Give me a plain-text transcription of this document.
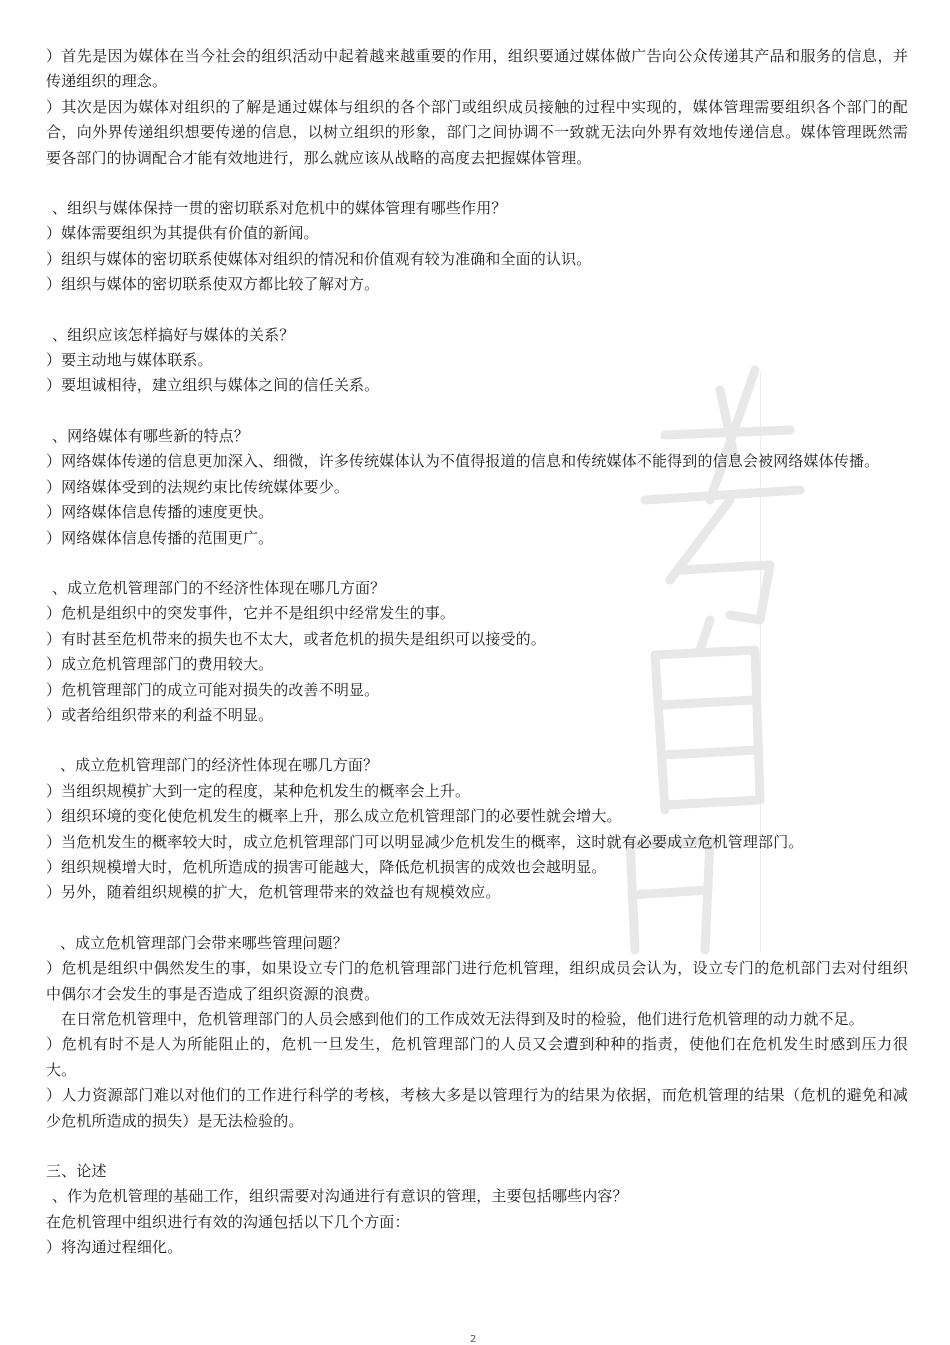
）首先是因为媒体在当今社会的组织活动中起着越来越重要的作用，组织要通过媒体做广告向公众传递其产品和服务的信息，并传递组织的理念。

）其次是因为媒体对组织的了解是通过媒体与组织的各个部门或组织成员接触的过程中实现的，媒体管理需要组织各个部门的配合，向外界传递组织想要传递的信息，以树立组织的形象，部门之间协调不一致就无法向外界有效地传递信息。媒体管理既然需要各部门的协调配合才能有效地进行，那么就应该从战略的高度去把握媒体管理。

、组织与媒体保持一贯的密切联系对危机中的媒体管理有哪些作用？

）媒体需要组织为其提供有价值的新闻。

）组织与媒体的密切联系使媒体对组织的情况和价值观有较为准确和全面的认识。

）组织与媒体的密切联系使双方都比较了解对方。

、组织应该怎样搞好与媒体的关系？

）要主动地与媒体联系。

）要坦诚相待，建立组织与媒体之间的信任关系。

、网络媒体有哪些新的特点？

）网络媒体传递的信息更加深入、细微，许多传统媒体认为不值得报道的信息和传统媒体不能得到的信息会被网络媒体传播。

）网络媒体受到的法规约束比传统媒体要少。

）网络媒体信息传播的速度更快。

）网络媒体信息传播的范围更广。

、成立危机管理部门的不经济性体现在哪几方面？

）危机是组织中的突发事件，它并不是组织中经常发生的事。

）有时甚至危机带来的损失也不太大，或者危机的损失是组织可以接受的。

）成立危机管理部门的费用较大。

）危机管理部门的成立可能对损失的改善不明显。

）或者给组织带来的利益不明显。

、成立危机管理部门的经济性体现在哪几方面？

）当组织规模扩大到一定的程度，某种危机发生的概率会上升。

）组织环境的变化使危机发生的概率上升，那么成立危机管理部门的必要性就会增大。

）当危机发生的概率较大时，成立危机管理部门可以明显减少危机发生的概率，这时就有必要成立危机管理部门。

）组织规模增大时，危机所造成的损害可能越大，降低危机损害的成效也会越明显。

）另外，随着组织规模的扩大，危机管理带来的效益也有规模效应。

、成立危机管理部门会带来哪些管理问题？

）危机是组织中偶然发生的事，如果设立专门的危机管理部门进行危机管理，组织成员会认为，设立专门的危机部门去对付组织中偶尔才会发生的事是否造成了组织资源的浪费。

在日常危机管理中，危机管理部门的人员会感到他们的工作成效无法得到及时的检验，他们进行危机管理的动力就不足。

）危机有时不是人为所能阻止的，危机一旦发生，危机管理部门的人员又会遭到种种的指责，使他们在危机发生时感到压力很大。

）人力资源部门难以对他们的工作进行科学的考核，考核大多是以管理行为的结果为依据，而危机管理的结果（危机的避免和减少危机所造成的损失）是无法检验的。

三、论述

、作为危机管理的基础工作，组织需要对沟通进行有意识的管理，主要包括哪些内容？

在危机管理中组织进行有效的沟通包括以下几个方面：

）将沟通过程细化。

2
